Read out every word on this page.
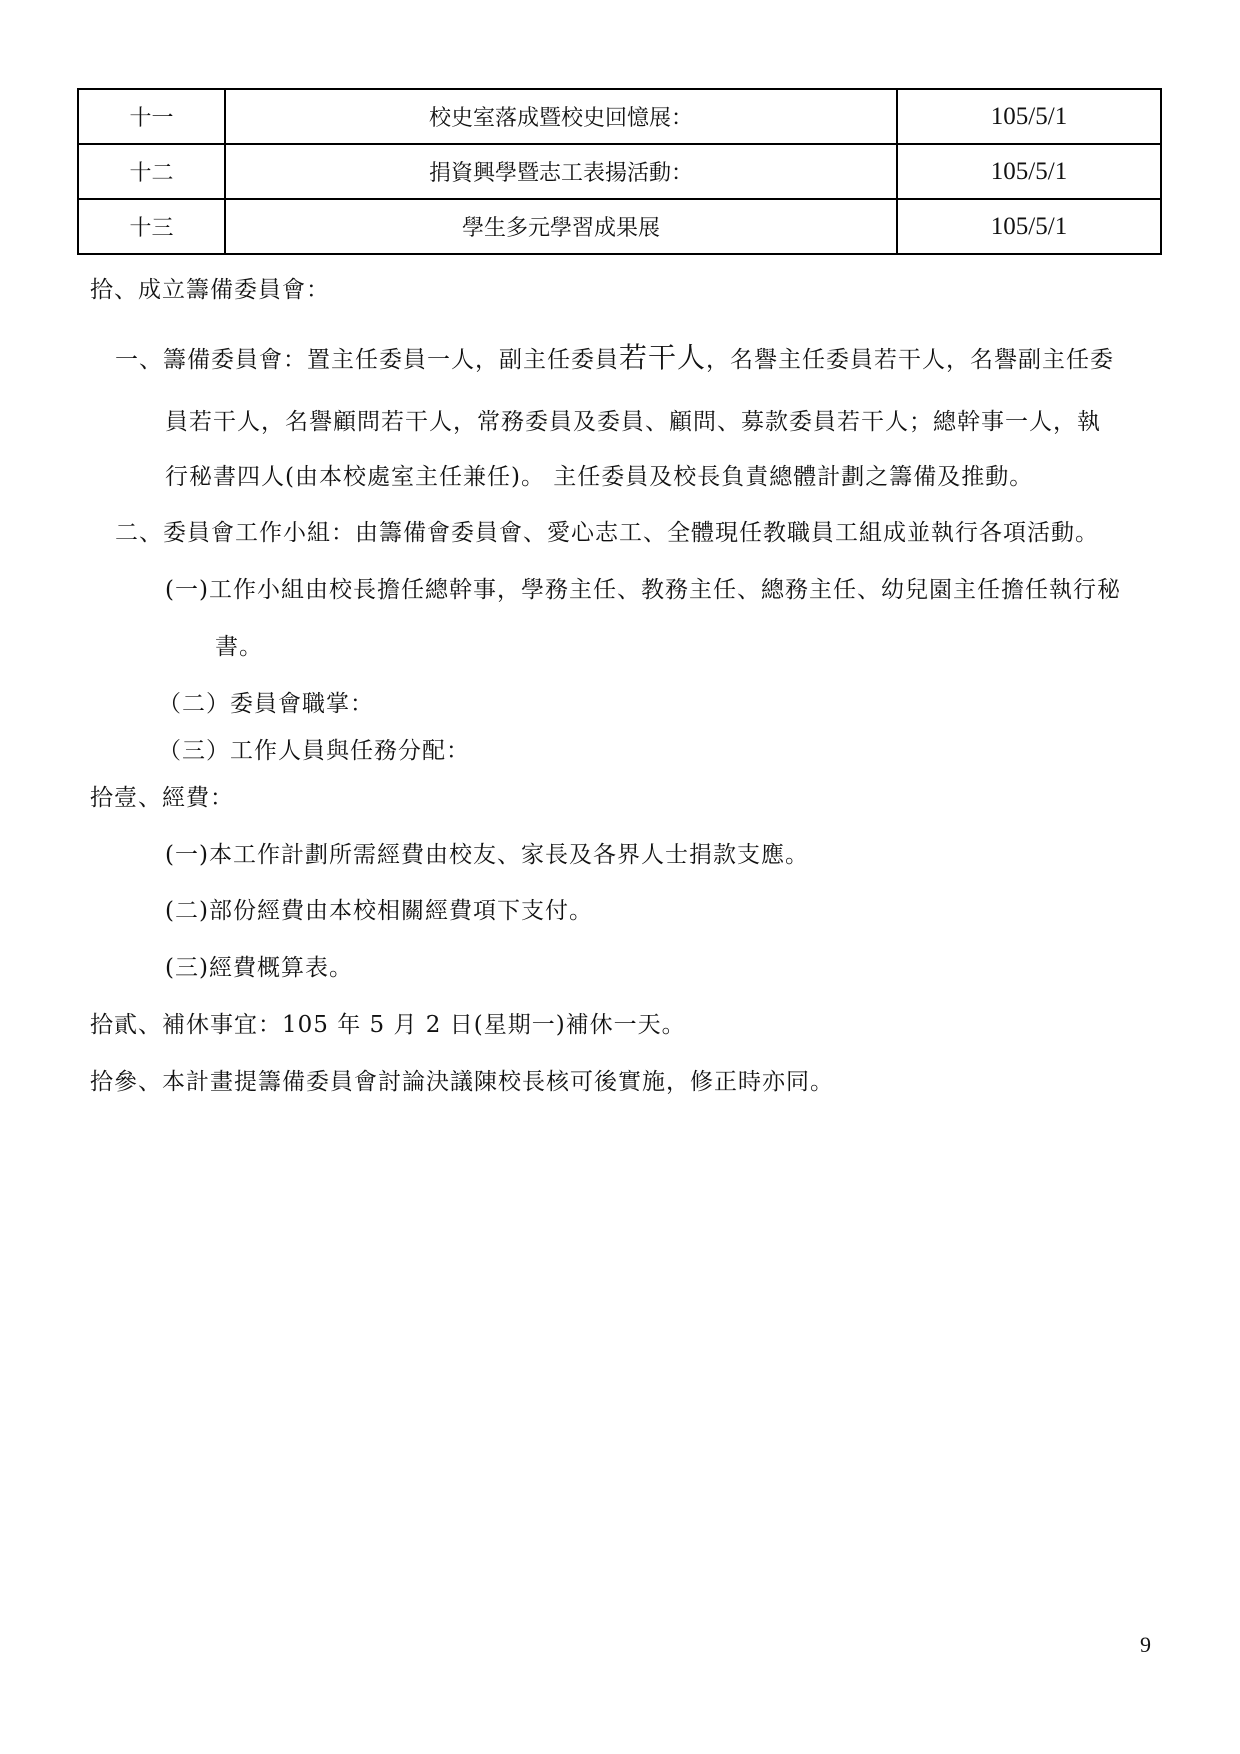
十一	校史室落成暨校史回憶展：	105/5/1
十二	捐資興學暨志工表揚活動：	105/5/1
十三	學生多元學習成果展	105/5/1
拾、成立籌備委員會：
一、籌備委員會：置主任委員一人，副主任委員若干人，名譽主任委員若干人，名譽副主任委
員若干人，名譽顧問若干人，常務委員及委員、顧問、募款委員若干人；總幹事一人，執
行秘書四人(由本校處室主任兼任)。 主任委員及校長負責總體計劃之籌備及推動。
二、委員會工作小組：由籌備會委員會、愛心志工、全體現任教職員工組成並執行各項活動。
(一)工作小組由校長擔任總幹事，學務主任、教務主任、總務主任、幼兒園主任擔任執行秘
書。
（二）委員會職掌：
（三）工作人員與任務分配：
拾壹、經費：
(一)本工作計劃所需經費由校友、家長及各界人士捐款支應。
(二)部份經費由本校相關經費項下支付。
(三)經費概算表。
拾貳、補休事宜：105 年 5 月 2 日(星期一)補休一天。
拾參、本計畫提籌備委員會討論決議陳校長核可後實施，修正時亦同。
9
